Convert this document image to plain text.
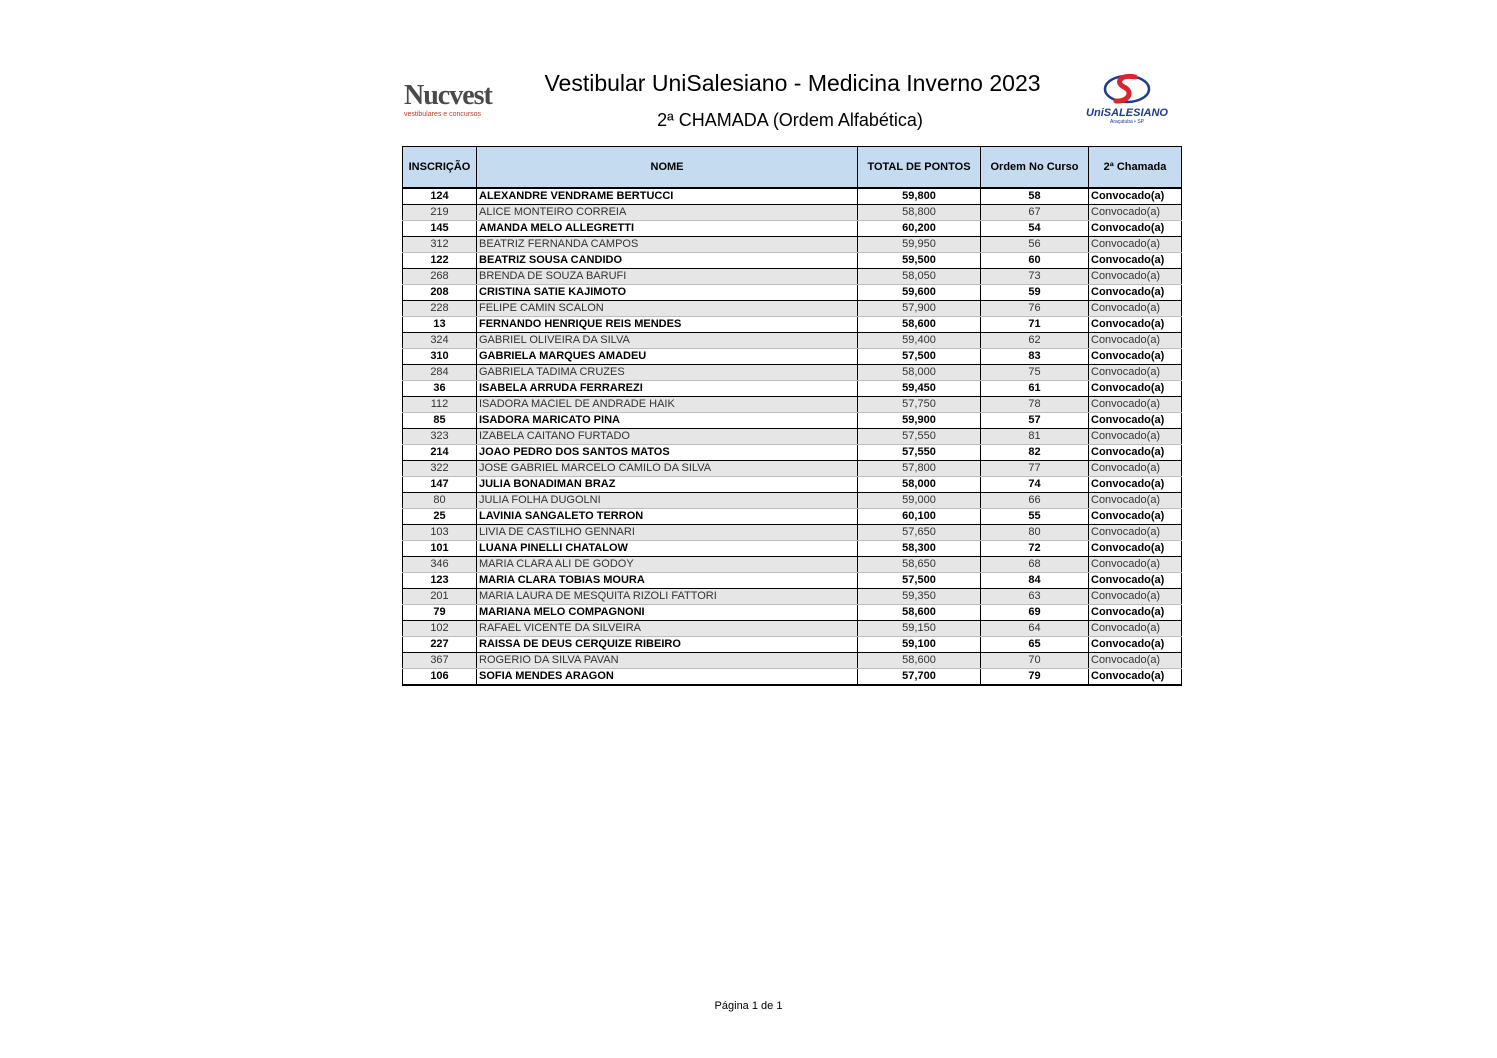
Nucvest
vestibulares e concursos
Vestibular UniSalesiano - Medicina Inverno 2023
2ª CHAMADA (Ordem Alfabética)	UniSALESIANO
Araçatuba • SP
INSCRIÇÃO	NOME	TOTAL DE PONTOS	Ordem No Curso	2ª Chamada
124	ALEXANDRE VENDRAME BERTUCCI	59,800	58	Convocado(a)
219	ALICE MONTEIRO CORREIA	58,800	67	Convocado(a)
145	AMANDA MELO ALLEGRETTI	60,200	54	Convocado(a)
312	BEATRIZ FERNANDA CAMPOS	59,950	56	Convocado(a)
122	BEATRIZ SOUSA CANDIDO	59,500	60	Convocado(a)
268	BRENDA DE SOUZA BARUFI	58,050	73	Convocado(a)
208	CRISTINA SATIE KAJIMOTO	59,600	59	Convocado(a)
228	FELIPE CAMIN SCALON	57,900	76	Convocado(a)
13	FERNANDO HENRIQUE REIS MENDES	58,600	71	Convocado(a)
324	GABRIEL OLIVEIRA DA SILVA	59,400	62	Convocado(a)
310	GABRIELA MARQUES AMADEU	57,500	83	Convocado(a)
284	GABRIELA TADIMA CRUZES	58,000	75	Convocado(a)
36	ISABELA ARRUDA FERRAREZI	59,450	61	Convocado(a)
112	ISADORA MACIEL DE ANDRADE HAIK	57,750	78	Convocado(a)
85	ISADORA MARICATO PINA	59,900	57	Convocado(a)
323	IZABELA CAITANO FURTADO	57,550	81	Convocado(a)
214	JOAO PEDRO DOS SANTOS MATOS	57,550	82	Convocado(a)
322	JOSE GABRIEL MARCELO CAMILO DA SILVA	57,800	77	Convocado(a)
147	JULIA BONADIMAN BRAZ	58,000	74	Convocado(a)
80	JULIA FOLHA DUGOLNI	59,000	66	Convocado(a)
25	LAVINIA SANGALETO TERRON	60,100	55	Convocado(a)
103	LIVIA DE CASTILHO GENNARI	57,650	80	Convocado(a)
101	LUANA PINELLI CHATALOW	58,300	72	Convocado(a)
346	MARIA CLARA ALI DE GODOY	58,650	68	Convocado(a)
123	MARIA CLARA TOBIAS MOURA	57,500	84	Convocado(a)
201	MARIA LAURA DE MESQUITA RIZOLI FATTORI	59,350	63	Convocado(a)
79	MARIANA MELO COMPAGNONI	58,600	69	Convocado(a)
102	RAFAEL VICENTE DA SILVEIRA	59,150	64	Convocado(a)
227	RAISSA DE DEUS CERQUIZE RIBEIRO	59,100	65	Convocado(a)
367	ROGERIO DA SILVA PAVAN	58,600	70	Convocado(a)
106	SOFIA MENDES ARAGON	57,700	79	Convocado(a)
Página 1 de 1
